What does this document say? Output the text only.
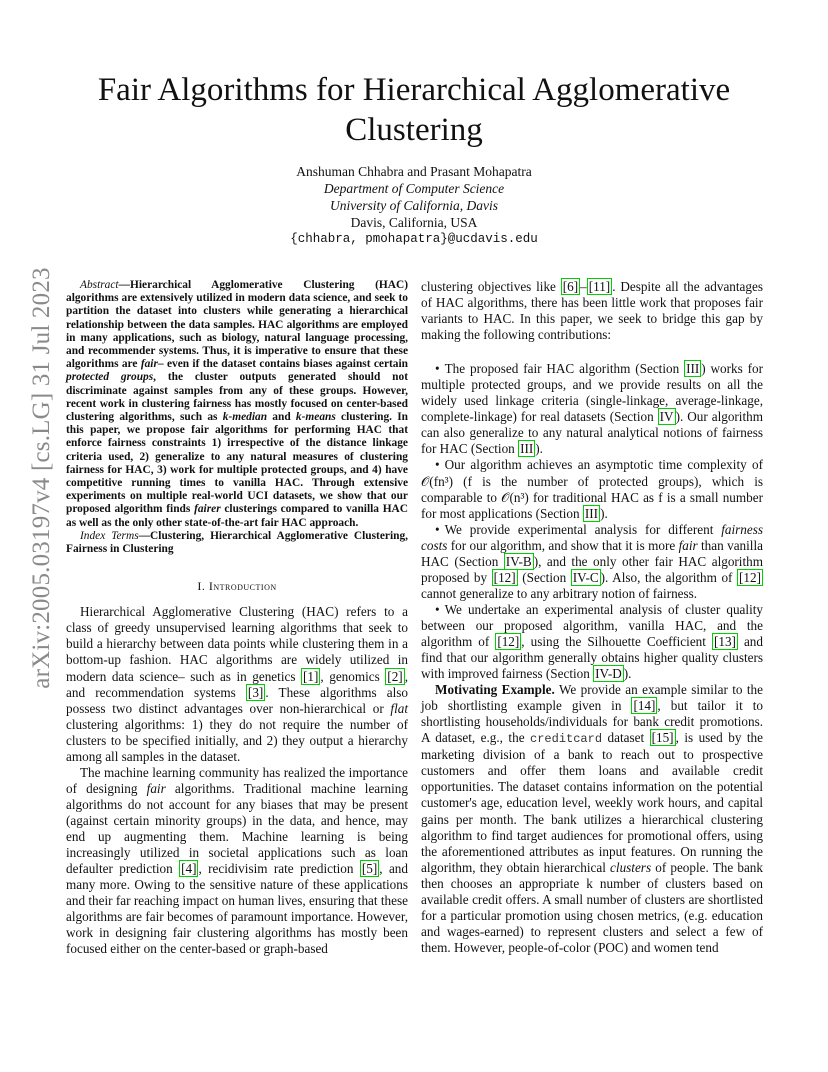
arXiv:2005.03197v4 [cs.LG] 31 Jul 2023
Fair Algorithms for Hierarchical Agglomerative Clustering
Anshuman Chhabra and Prasant Mohapatra
Department of Computer Science
University of California, Davis
Davis, California, USA
{chhabra, pmohapatra}@ucdavis.edu

Abstract—Hierarchical Agglomerative Clustering (HAC) algorithms are extensively utilized in modern data science, and seek to partition the dataset into clusters while generating a hierarchical relationship between the data samples. HAC algorithms are employed in many applications, such as biology, natural language processing, and recommender systems. Thus, it is imperative to ensure that these algorithms are fair– even if the dataset contains biases against certain protected groups, the cluster outputs generated should not discriminate against samples from any of these groups. However, recent work in clustering fairness has mostly focused on center-based clustering algorithms, such as k-median and k-means clustering. In this paper, we propose fair algorithms for performing HAC that enforce fairness constraints 1) irrespective of the distance linkage criteria used, 2) generalize to any natural measures of clustering fairness for HAC, 3) work for multiple protected groups, and 4) have competitive running times to vanilla HAC. Through extensive experiments on multiple real-world UCI datasets, we show that our proposed algorithm finds fairer clusterings compared to vanilla HAC as well as the only other state-of-the-art fair HAC approach.

Index Terms—Clustering, Hierarchical Agglomerative Clustering, Fairness in Clustering

I. Introduction

Hierarchical Agglomerative Clustering (HAC) refers to a class of greedy unsupervised learning algorithms that seek to build a hierarchy between data points while clustering them in a bottom-up fashion. HAC algorithms are widely utilized in modern data science– such as in genetics [1] , genomics [2] , and recommendation systems [3] . These algorithms also possess two distinct advantages over non-hierarchical or flat clustering algorithms: 1) they do not require the number of clusters to be specified initially, and 2) they output a hierarchy among all samples in the dataset.

The machine learning community has realized the importance of designing fair algorithms. Traditional machine learning algorithms do not account for any biases that may be present (against certain minority groups) in the data, and hence, may end up augmenting them. Machine learning is being increasingly utilized in societal applications such as loan defaulter prediction [4] , recidivisim rate prediction [5] , and many more. Owing to the sensitive nature of these applications and their far reaching impact on human lives, ensuring that these algorithms are fair becomes of paramount importance. However, work in designing fair clustering algorithms has mostly been focused either on the center-based or graph-based

clustering objectives like [6] – [11] . Despite all the advantages of HAC algorithms, there has been little work that proposes fair variants to HAC. In this paper, we seek to bridge this gap by making the following contributions:

• The proposed fair HAC algorithm (Section III ) works for multiple protected groups, and we provide results on all the widely used linkage criteria (single-linkage, average-linkage, complete-linkage) for real datasets (Section IV ). Our algorithm can also generalize to any natural analytical notions of fairness for HAC (Section III ).
• Our algorithm achieves an asymptotic time complexity of 𝒪(fn³) (f is the number of protected groups), which is comparable to 𝒪(n³) for traditional HAC as f is a small number for most applications (Section III ).
• We provide experimental analysis for different fairness costs for our algorithm, and show that it is more fair than vanilla HAC (Section IV-B ), and the only other fair HAC algorithm proposed by [12] (Section IV-C ). Also, the algorithm of [12] cannot generalize to any arbitrary notion of fairness.
• We undertake an experimental analysis of cluster quality between our proposed algorithm, vanilla HAC, and the algorithm of [12] , using the Silhouette Coefficient [13] and find that our algorithm generally obtains higher quality clusters with improved fairness (Section IV-D ).

Motivating Example. We provide an example similar to the job shortlisting example given in [14] , but tailor it to shortlisting households/individuals for bank credit promotions. A dataset, e.g., the creditcard dataset [15] , is used by the marketing division of a bank to reach out to prospective customers and offer them loans and available credit opportunities. The dataset contains information on the potential customer's age, education level, weekly work hours, and capital gains per month. The bank utilizes a hierarchical clustering algorithm to find target audiences for promotional offers, using the aforementioned attributes as input features. On running the algorithm, they obtain hierarchical clusters of people. The bank then chooses an appropriate k number of clusters based on available credit offers. A small number of clusters are shortlisted for a particular promotion using chosen metrics, (e.g. education and wages-earned) to represent clusters and select a few of them. However, people-of-color (POC) and women tend
